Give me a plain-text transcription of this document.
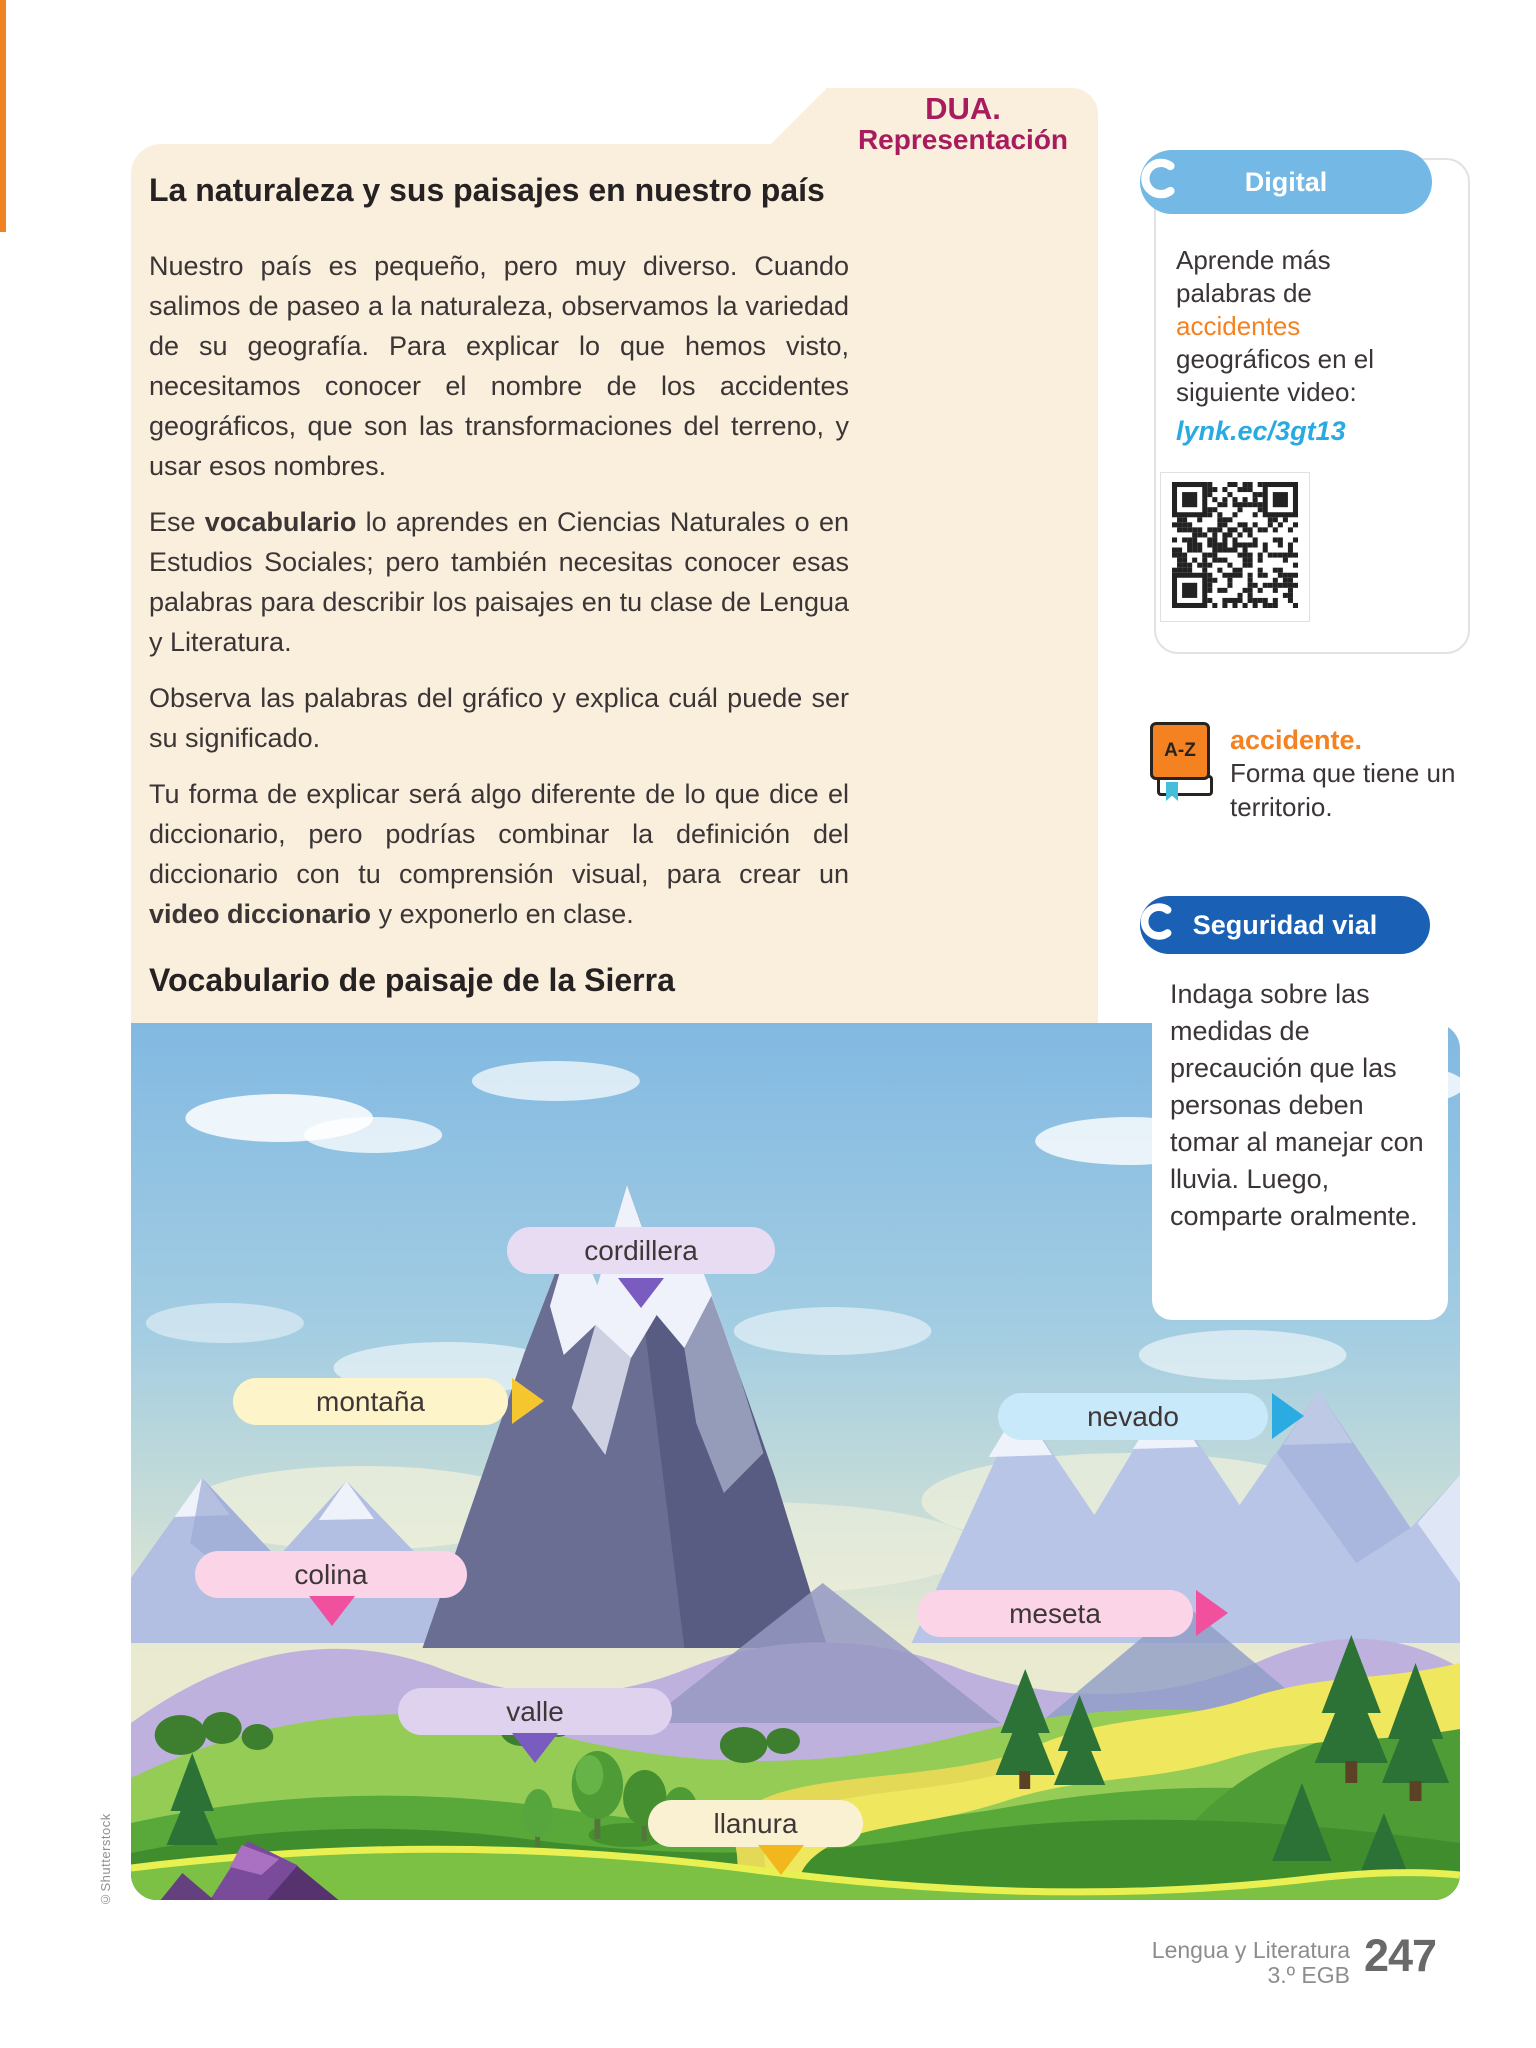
DUA.
Representación
La naturaleza y sus paisajes en nuestro país

Nuestro país es pequeño, pero muy diverso. Cuando salimos de paseo a la naturaleza, observamos la variedad de su geografía. Para explicar lo que hemos visto, necesitamos conocer el nombre de los accidentes geográficos, que son las transformaciones del terreno, y usar esos nombres.

Ese vocabulario lo aprendes en Ciencias Naturales o en Estudios Sociales; pero también necesitas conocer esas palabras para describir los paisajes en tu clase de Lengua y Literatura.

Observa las palabras del gráfico y explica cuál puede ser su significado.

Tu forma de explicar será algo diferente de lo que dice el diccionario, pero podrías combinar la definición del diccionario con tu comprensión visual, para crear un video diccionario y exponerlo en clase.

Vocabulario de paisaje de la Sierra
Digital
Aprende más palabras de accidentes geográficos en el siguiente video:
lynk.ec/3gt13
A-Z accidente.
Forma que tiene un territorio.
Seguridad vial
Indaga sobre las medidas de precaución que las personas deben tomar al manejar con lluvia. Luego, comparte oralmente.
cordillera
montaña	nevado
colina
meseta
valle
llanura
©Shutterstock
Lengua y Literatura
3.º EGB 247
